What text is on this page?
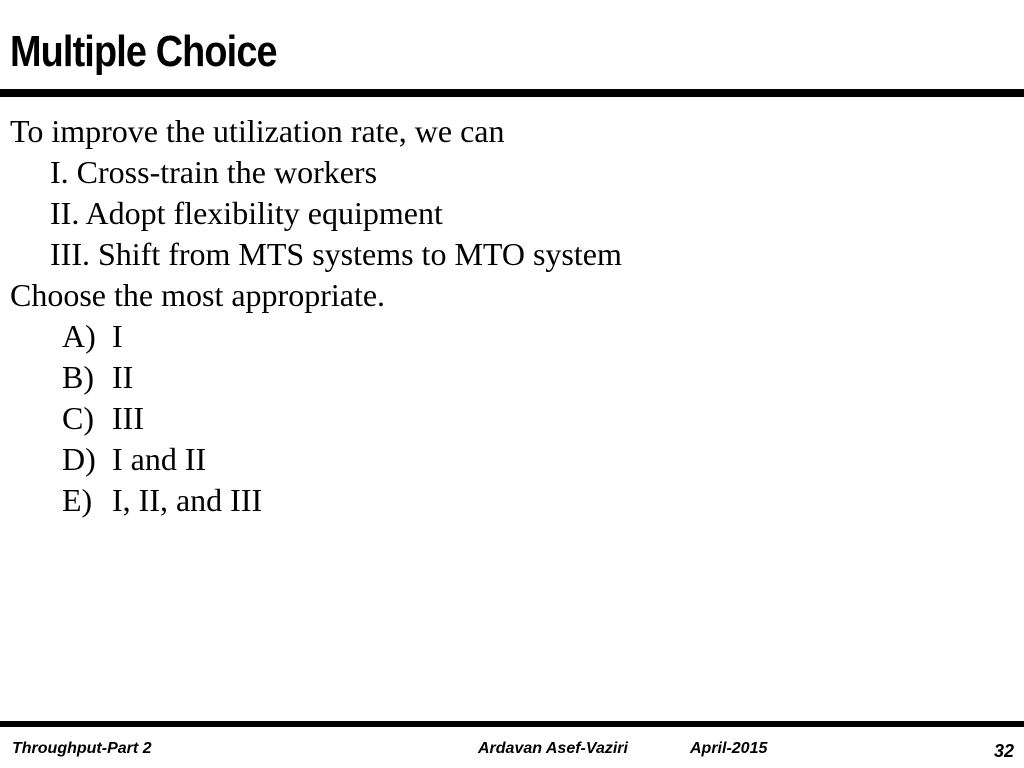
Multiple Choice
To improve the utilization rate, we can
I. Cross-train the workers
II. Adopt flexibility equipment
III. Shift from MTS systems to MTO system
Choose the most appropriate.
A) I
B) II
C) III
D) I and II
E) I, II, and III
Throughput-Part 2	Ardavan Asef-Vaziri	April-2015	32
